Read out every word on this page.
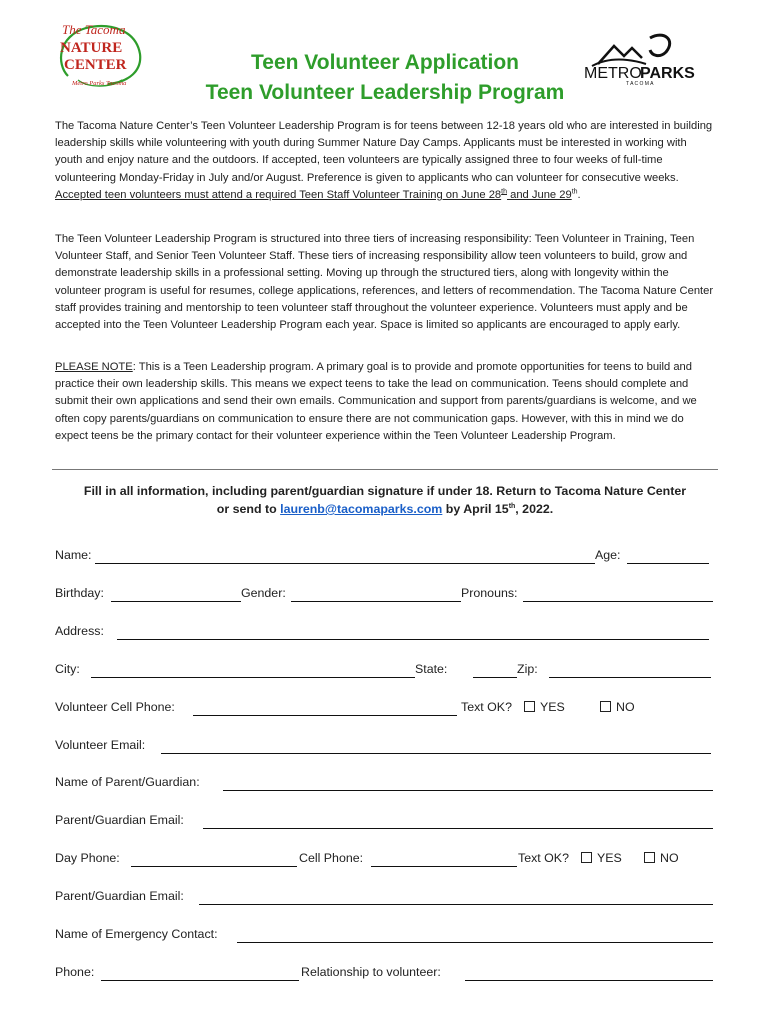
The Tacoma
NATURE
CENTER
Metro Parks Tacoma
Teen Volunteer Application
Teen Volunteer Leadership Program
METRO
PARKS
T A C O M A
The Tacoma Nature Center’s Teen Volunteer Leadership Program is for teens between 12-18 years old who are interested in building leadership skills while volunteering with youth during Summer Nature Day Camps. Applicants must be interested in working with youth and enjoy nature and the outdoors. If accepted, teen volunteers are typically assigned three to four weeks of full-time volunteering Monday-Friday in July and/or August. Preference is given to applicants who can volunteer for consecutive weeks. Accepted teen volunteers must attend a required Teen Staff Volunteer Training on June 28th and June 29th.
The Teen Volunteer Leadership Program is structured into three tiers of increasing responsibility: Teen Volunteer in Training, Teen Volunteer Staff, and Senior Teen Volunteer Staff. These tiers of increasing responsibility allow teen volunteers to build, grow and demonstrate leadership skills in a professional setting. Moving up through the structured tiers, along with longevity within the volunteer program is useful for resumes, college applications, references, and letters of recommendation. The Tacoma Nature Center staff provides training and mentorship to teen volunteer staff throughout the volunteer experience. Volunteers must apply and be accepted into the Teen Volunteer Leadership Program each year. Space is limited so applicants are encouraged to apply early.
PLEASE NOTE: This is a Teen Leadership program. A primary goal is to provide and promote opportunities for teens to build and practice their own leadership skills. This means we expect teens to take the lead on communication. Teens should complete and submit their own applications and send their own emails. Communication and support from parents/guardians is welcome, and we often copy parents/guardians on communication to ensure there are not communication gaps. However, with this in mind we do expect teens be the primary contact for their volunteer experience within the Teen Volunteer Leadership Program.
Fill in all information, including parent/guardian signature if under 18. Return to Tacoma Nature Center
or send to laurenb@tacomaparks.com by April 15th, 2022.
Name:	Age:
Birthday:	Gender:	Pronouns:
Address:
City:	State:	Zip:
Volunteer Cell Phone:	Text OK?	YES	NO
Volunteer Email:
Name of Parent/Guardian:
Parent/Guardian Email:
Day Phone:	Cell Phone:	Text OK?	YES	NO
Parent/Guardian Email:
Name of Emergency Contact:
Phone:	Relationship to volunteer:
